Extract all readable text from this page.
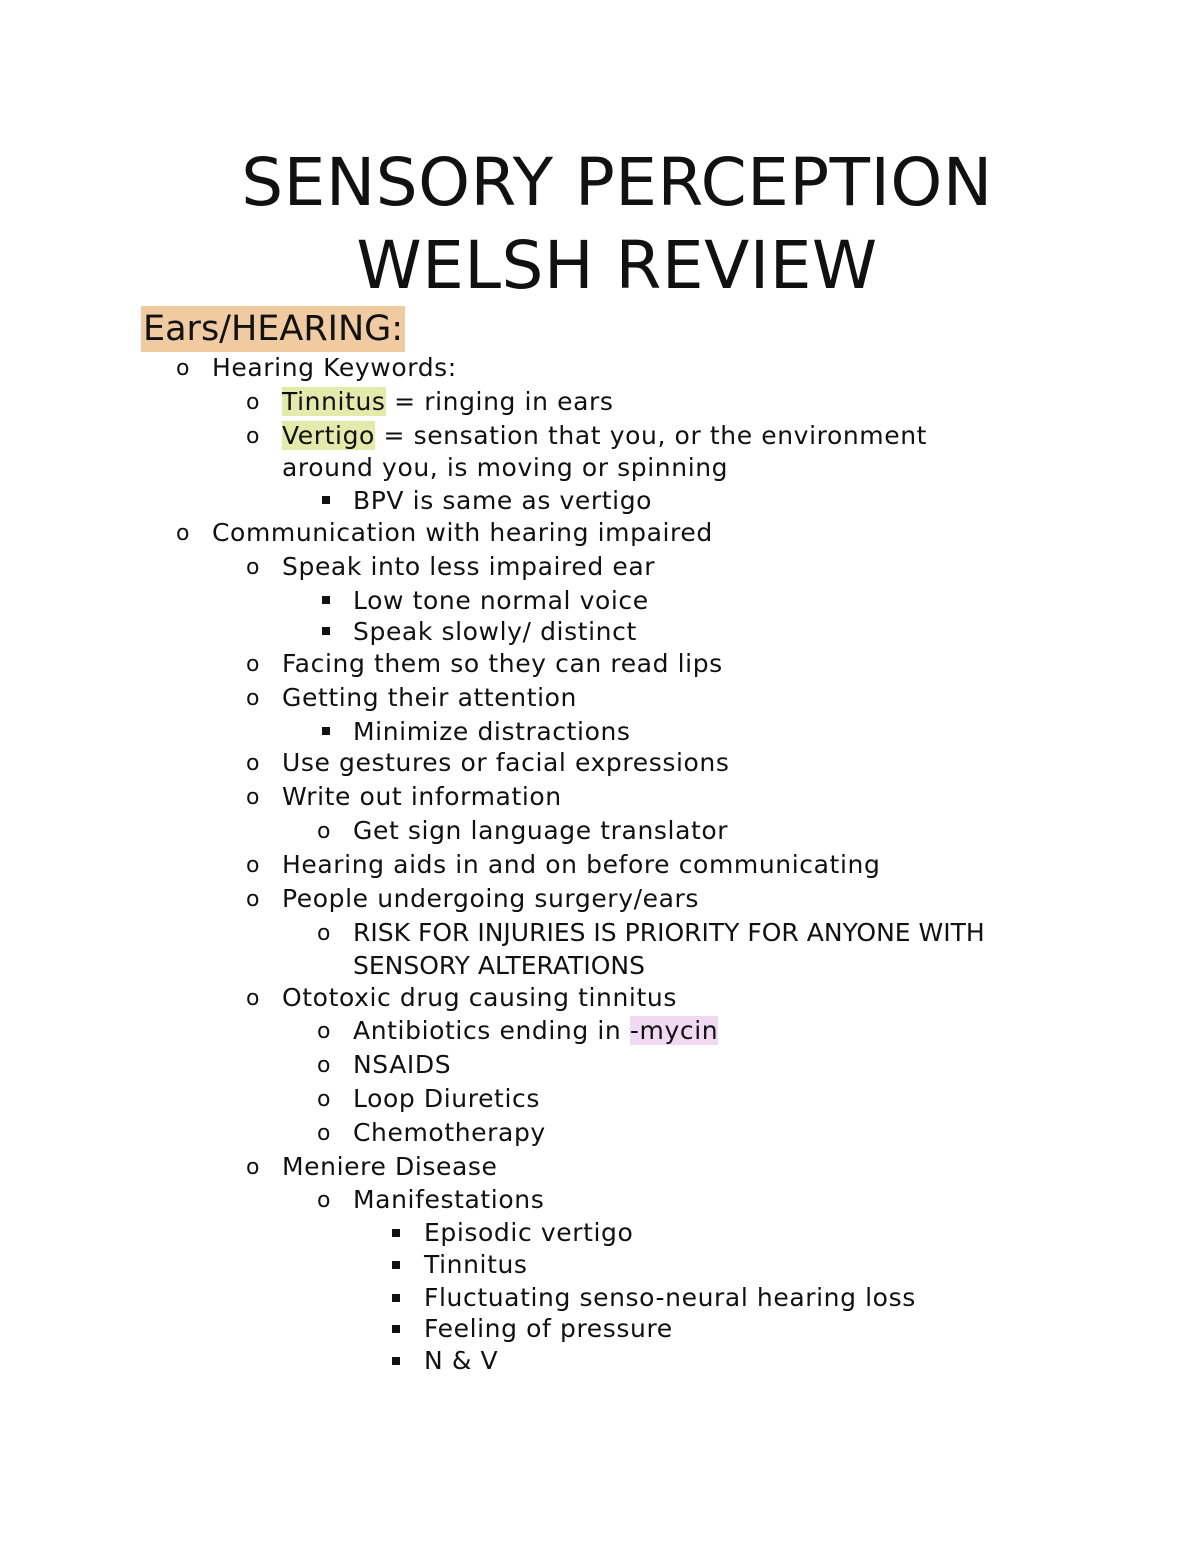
SENSORY PERCEPTION
WELSH REVIEW
Ears/HEARING:
o Hearing Keywords:
o Tinnitus = ringing in ears
o Vertigo = sensation that you, or the environment
around you, is moving or spinning
BPV is same as vertigo
o Communication with hearing impaired
o Speak into less impaired ear
Low tone normal voice
Speak slowly/ distinct
o Facing them so they can read lips
o Getting their attention
Minimize distractions
o Use gestures or facial expressions
o Write out information
o Get sign language translator
o Hearing aids in and on before communicating
o People undergoing surgery/ears
o RISK FOR INJURIES IS PRIORITY FOR ANYONE WITH
SENSORY ALTERATIONS
o Ototoxic drug causing tinnitus
o Antibiotics ending in -mycin
o NSAIDS
o Loop Diuretics
o Chemotherapy
o Meniere Disease
o Manifestations
Episodic vertigo
Tinnitus
Fluctuating senso-neural hearing loss
Feeling of pressure
N & V
